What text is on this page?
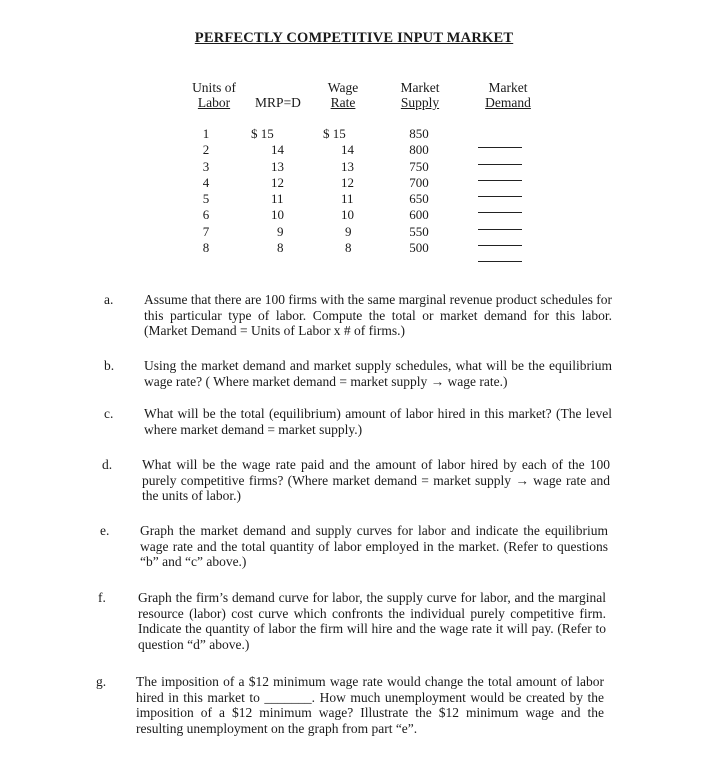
PERFECTLY COMPETITIVE INPUT MARKET
Units of
Labor	MRP=D
Wage
Rate
Market
Supply
Market
Demand
1
2
3
4
5
6
7
8
$ 15
14
13
12
11
10
9
8
$ 15
14
13
12
11
10
9
8
850
800
750
700
650
600
550
500
a. Assume that there are 100 firms with the same marginal revenue product schedules for this particular type of labor. Compute the total or market demand for this labor. (Market Demand = Units of Labor x # of firms.)
b. Using the market demand and market supply schedules, what will be the equilibrium wage rate? ( Where market demand = market supply → wage rate.)
c. What will be the total (equilibrium) amount of labor hired in this market? (The level where market demand = market supply.)
d. What will be the wage rate paid and the amount of labor hired by each of the 100 purely competitive firms? (Where market demand = market supply → wage rate and the units of labor.)
e. Graph the market demand and supply curves for labor and indicate the equilibrium wage rate and the total quantity of labor employed in the market. (Refer to questions “b” and “c” above.)
f. Graph the firm’s demand curve for labor, the supply curve for labor, and the marginal resource (labor) cost curve which confronts the individual purely competitive firm. Indicate the quantity of labor the firm will hire and the wage rate it will pay. (Refer to question “d” above.)
g. The imposition of a $12 minimum wage rate would change the total amount of labor hired in this market to _______. How much unemployment would be created by the imposition of a $12 minimum wage? Illustrate the $12 minimum wage and the resulting unemployment on the graph from part “e”.
